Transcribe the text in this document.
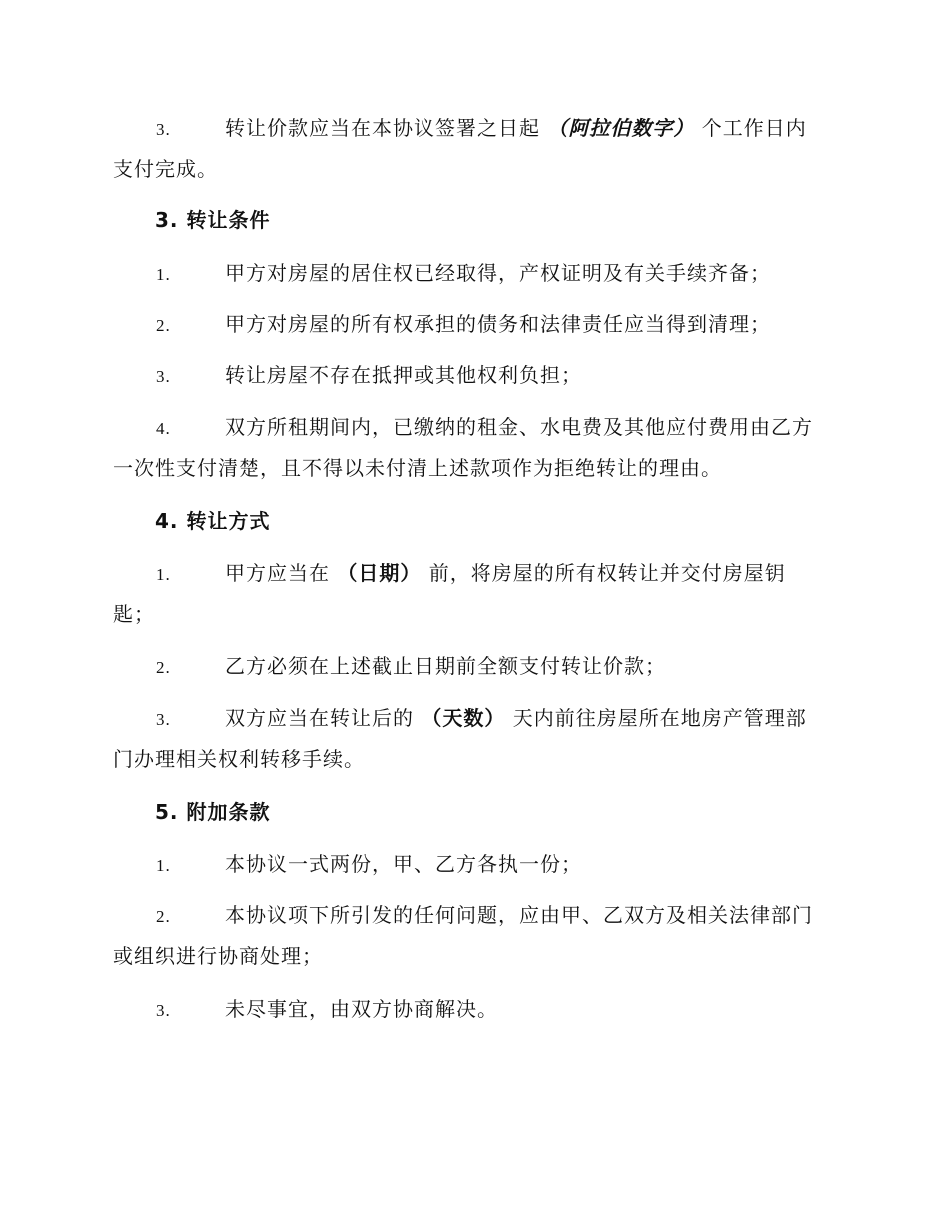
3.	转让价款应当在本协议签署之日起 （阿拉伯数字） 个工作日内
支付完成。
3. 转让条件
1.	甲方对房屋的居住权已经取得，产权证明及有关手续齐备；
2.	甲方对房屋的所有权承担的债务和法律责任应当得到清理；
3.	转让房屋不存在抵押或其他权利负担；
4.	双方所租期间内，已缴纳的租金、水电费及其他应付费用由乙方
一次性支付清楚，且不得以未付清上述款项作为拒绝转让的理由。
4. 转让方式
1.	甲方应当在 （日期） 前，将房屋的所有权转让并交付房屋钥
匙；
2.	乙方必须在上述截止日期前全额支付转让价款；
3.	双方应当在转让后的 （天数） 天内前往房屋所在地房产管理部
门办理相关权利转移手续。
5. 附加条款
1.	本协议一式两份，甲、乙方各执一份；
2.	本协议项下所引发的任何问题，应由甲、乙双方及相关法律部门
或组织进行协商处理；
3.	未尽事宜，由双方协商解决。
